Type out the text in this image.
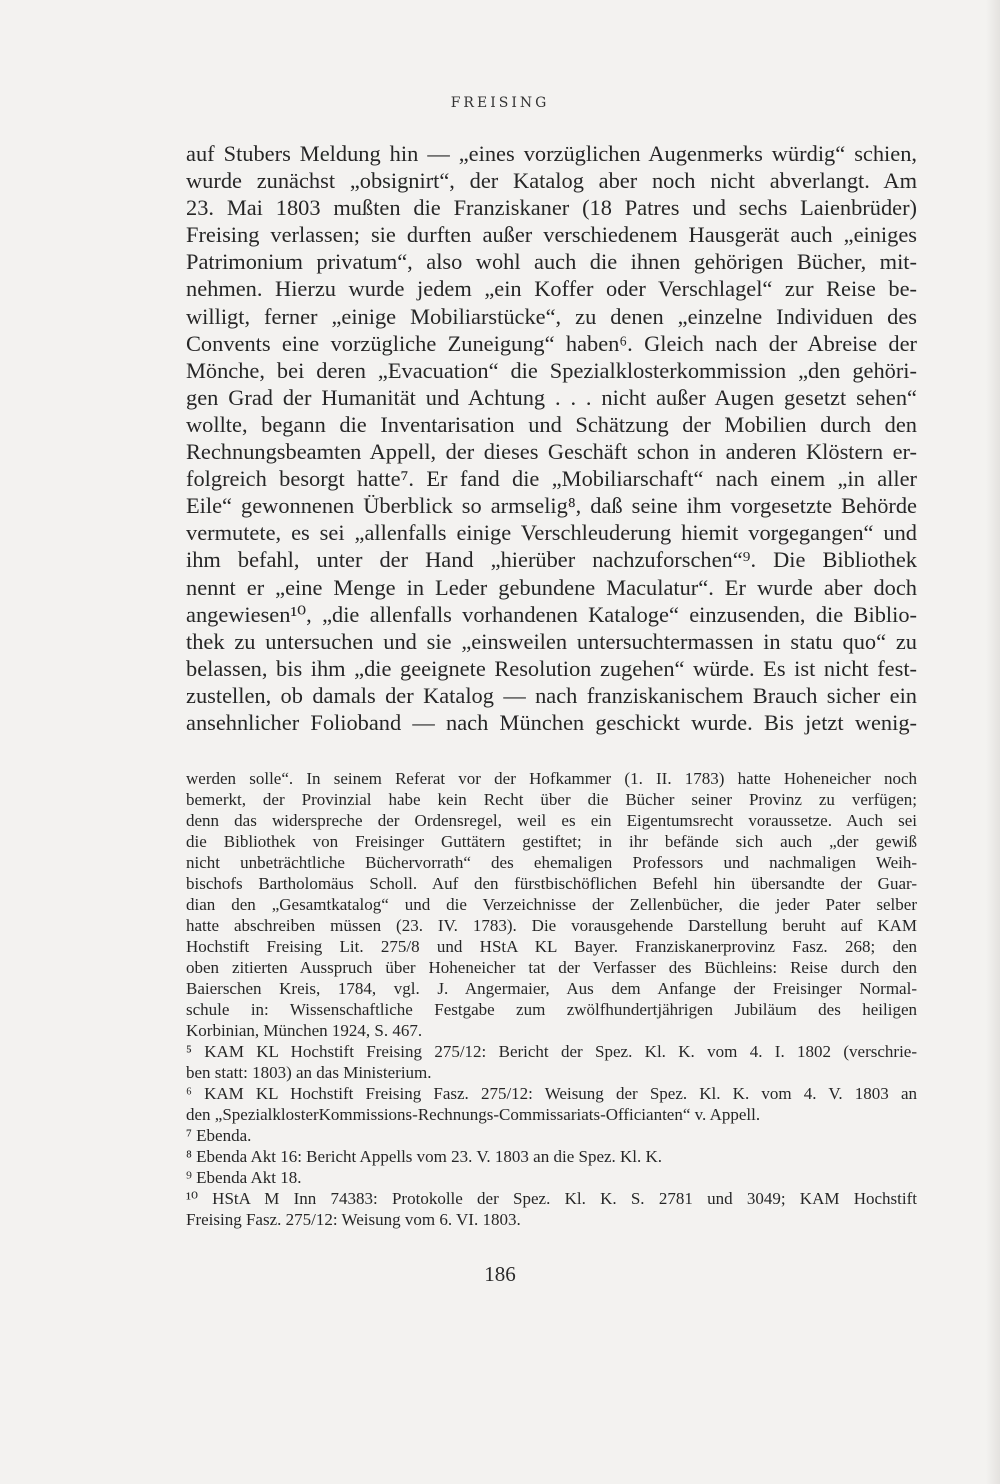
FREISING
auf Stubers Meldung hin — „eines vorzüglichen Augenmerks würdig“ schien,
wurde zunächst „obsignirt“, der Katalog aber noch nicht abverlangt. Am
23. Mai 1803 mußten die Franziskaner (18 Patres und sechs Laienbrüder)
Freising verlassen; sie durften außer verschiedenem Hausgerät auch „einiges
Patrimonium privatum“, also wohl auch die ihnen gehörigen Bücher, mit-
nehmen. Hierzu wurde jedem „ein Koffer oder Verschlagel“ zur Reise be-
willigt, ferner „einige Mobiliarstücke“, zu denen „einzelne Individuen des
Convents eine vorzügliche Zuneigung“ haben⁶. Gleich nach der Abreise der
Mönche, bei deren „Evacuation“ die Spezialklosterkommission „den gehöri-
gen Grad der Humanität und Achtung . . . nicht außer Augen gesetzt sehen“
wollte, begann die Inventarisation und Schätzung der Mobilien durch den
Rechnungsbeamten Appell, der dieses Geschäft schon in anderen Klöstern er-
folgreich besorgt hatte⁷. Er fand die „Mobiliarschaft“ nach einem „in aller
Eile“ gewonnenen Überblick so armselig⁸, daß seine ihm vorgesetzte Behörde
vermutete, es sei „allenfalls einige Verschleuderung hiemit vorgegangen“ und
ihm befahl, unter der Hand „hierüber nachzuforschen“⁹. Die Bibliothek
nennt er „eine Menge in Leder gebundene Maculatur“. Er wurde aber doch
angewiesen¹⁰, „die allenfalls vorhandenen Kataloge“ einzusenden, die Biblio-
thek zu untersuchen und sie „einsweilen untersuchtermassen in statu quo“ zu
belassen, bis ihm „die geeignete Resolution zugehen“ würde. Es ist nicht fest-
zustellen, ob damals der Katalog — nach franziskanischem Brauch sicher ein
ansehnlicher Folioband — nach München geschickt wurde. Bis jetzt wenig-
werden solle“. In seinem Referat vor der Hofkammer (1. II. 1783) hatte Hoheneicher noch
bemerkt, der Provinzial habe kein Recht über die Bücher seiner Provinz zu verfügen;
denn das widerspreche der Ordensregel, weil es ein Eigentumsrecht voraussetze. Auch sei
die Bibliothek von Freisinger Guttätern gestiftet; in ihr befände sich auch „der gewiß
nicht unbeträchtliche Büchervorrath“ des ehemaligen Professors und nachmaligen Weih-
bischofs Bartholomäus Scholl. Auf den fürstbischöflichen Befehl hin übersandte der Guar-
dian den „Gesamtkatalog“ und die Verzeichnisse der Zellenbücher, die jeder Pater selber
hatte abschreiben müssen (23. IV. 1783). Die vorausgehende Darstellung beruht auf KAM
Hochstift Freising Lit. 275/8 und HStA KL Bayer. Franziskanerprovinz Fasz. 268; den
oben zitierten Ausspruch über Hoheneicher tat der Verfasser des Büchleins: Reise durch den
Baierschen Kreis, 1784, vgl. J. Angermaier, Aus dem Anfange der Freisinger Normal-
schule in: Wissenschaftliche Festgabe zum zwölfhundertjährigen Jubiläum des heiligen
Korbinian, München 1924, S. 467.
⁵ KAM KL Hochstift Freising 275/12: Bericht der Spez. Kl. K. vom 4. I. 1802 (verschrie-
ben statt: 1803) an das Ministerium.
⁶ KAM KL Hochstift Freising Fasz. 275/12: Weisung der Spez. Kl. K. vom 4. V. 1803 an
den „SpezialklosterKommissions-Rechnungs-Commissariats-Officianten“ v. Appell.
⁷ Ebenda.
⁸ Ebenda Akt 16: Bericht Appells vom 23. V. 1803 an die Spez. Kl. K.
⁹ Ebenda Akt 18.
¹⁰ HStA M Inn 74383: Protokolle der Spez. Kl. K. S. 2781 und 3049; KAM Hochstift
Freising Fasz. 275/12: Weisung vom 6. VI. 1803.
186
